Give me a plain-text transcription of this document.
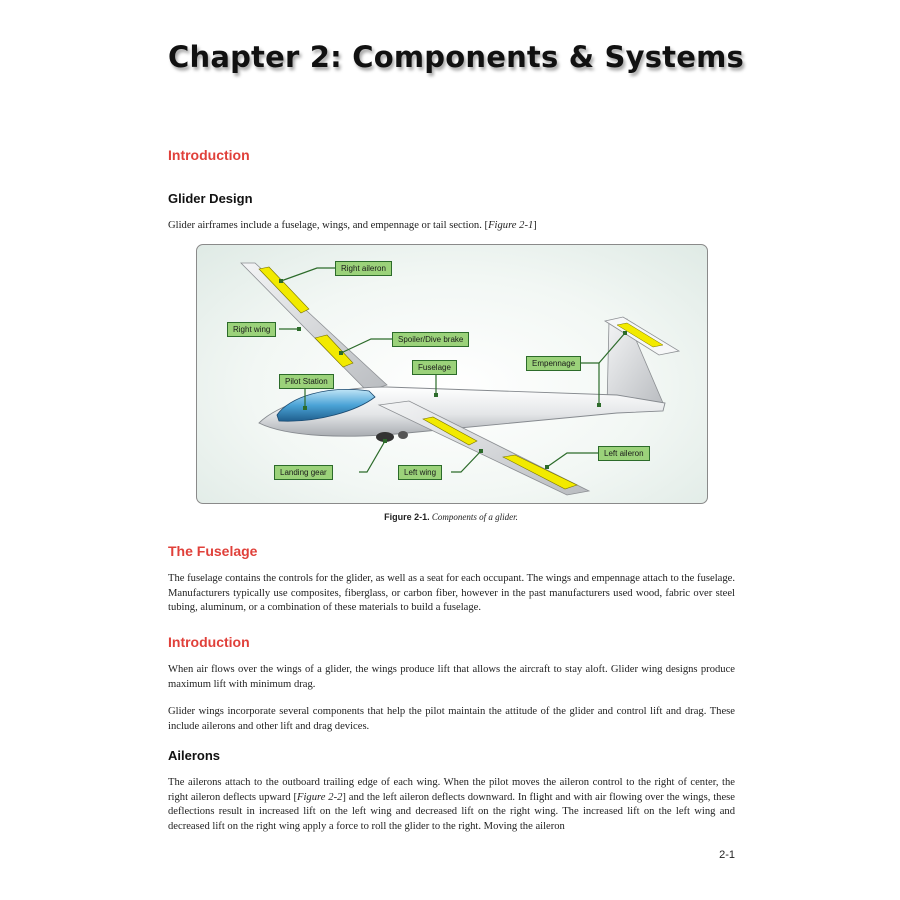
Chapter 2: Components & Systems
Introduction
Glider Design

Glider airframes include a fuselage, wings, and empennage or tail section. [Figure 2-1]

Right aileron
Right wing
Spoiler/Dive brake
Fuselage	Empennage
Pilot Station
Left aileron
Landing gear	Left wing

Figure 2-1. Components of a glider.

The Fuselage

The fuselage contains the controls for the glider, as well as a seat for each occupant. The wings and empennage attach to the fuselage. Manufacturers typically use composites, fiberglass, or carbon fiber, however in the past manufacturers used wood, fabric over steel tubing, aluminum, or a combination of these materials to build a fuselage.

Introduction

When air flows over the wings of a glider, the wings produce lift that allows the aircraft to stay aloft. Glider wing designs produce maximum lift with minimum drag.

Glider wings incorporate several components that help the pilot maintain the attitude of the glider and control lift and drag. These include ailerons and other lift and drag devices.

Ailerons

The ailerons attach to the outboard trailing edge of each wing. When the pilot moves the aileron control to the right of center, the right aileron deflects upward [Figure 2-2] and the left aileron deflects downward. In flight and with air flowing over the wings, these deflections result in increased lift on the left wing and decreased lift on the right wing. The increased lift on the left wing and decreased lift on the right wing apply a force to roll the glider to the right. Moving the aileron

2-1
